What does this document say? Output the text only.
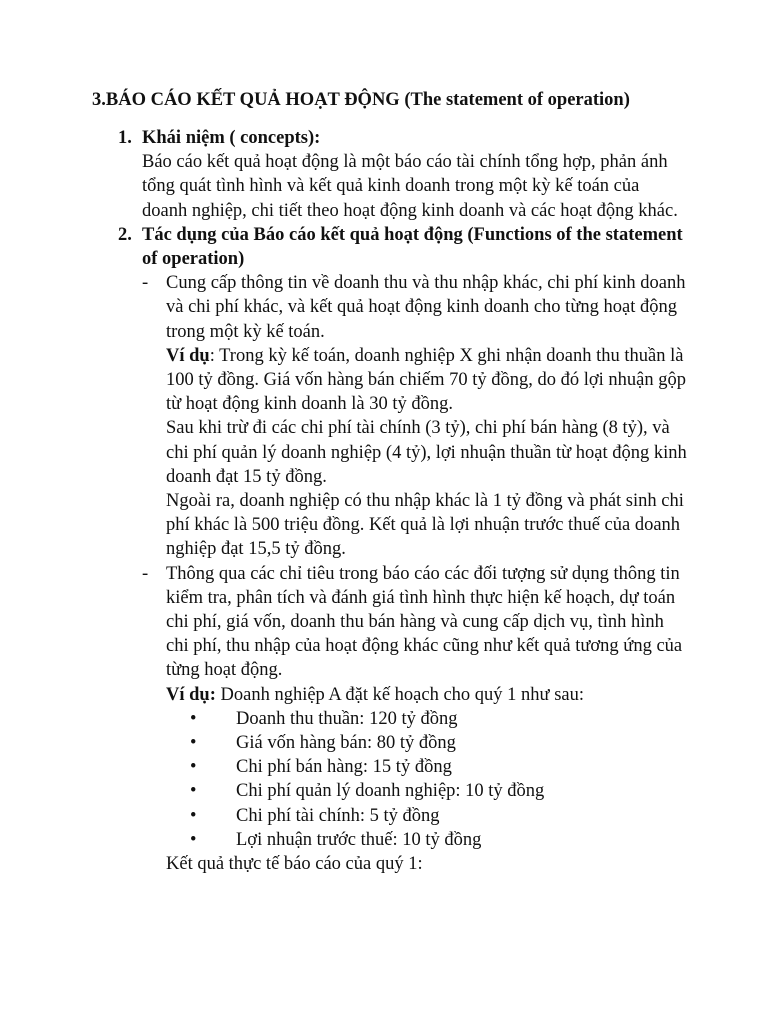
3.BÁO CÁO KẾT QUẢ HOẠT ĐỘNG (The statement of operation)
1. Khái niệm ( concepts):

Báo cáo kết quả hoạt động là một báo cáo tài chính tổng hợp, phản ánh tổng quát tình hình và kết quả kinh doanh trong một kỳ kế toán của doanh nghiệp, chi tiết theo hoạt động kinh doanh và các hoạt động khác.

2. Tác dụng của Báo cáo kết quả hoạt động (Functions of the statement of operation)
- Cung cấp thông tin về doanh thu và thu nhập khác, chi phí kinh doanh và chi phí khác, và kết quả hoạt động kinh doanh cho từng hoạt động trong một kỳ kế toán.

Ví dụ: Trong kỳ kế toán, doanh nghiệp X ghi nhận doanh thu thuần là 100 tỷ đồng. Giá vốn hàng bán chiếm 70 tỷ đồng, do đó lợi nhuận gộp từ hoạt động kinh doanh là 30 tỷ đồng.

Sau khi trừ đi các chi phí tài chính (3 tỷ), chi phí bán hàng (8 tỷ), và chi phí quản lý doanh nghiệp (4 tỷ), lợi nhuận thuần từ hoạt động kinh doanh đạt 15 tỷ đồng.

Ngoài ra, doanh nghiệp có thu nhập khác là 1 tỷ đồng và phát sinh chi phí khác là 500 triệu đồng. Kết quả là lợi nhuận trước thuế của doanh nghiệp đạt 15,5 tỷ đồng.

- Thông qua các chỉ tiêu trong báo cáo các đối tượng sử dụng thông tin kiểm tra, phân tích và đánh giá tình hình thực hiện kế hoạch, dự toán chi phí, giá vốn, doanh thu bán hàng và cung cấp dịch vụ, tình hình chi phí, thu nhập của hoạt động khác cũng như kết quả tương ứng của từng hoạt động.

Ví dụ: Doanh nghiệp A đặt kế hoạch cho quý 1 như sau:

•	Doanh thu thuần: 120 tỷ đồng
•	Giá vốn hàng bán: 80 tỷ đồng
•	Chi phí bán hàng: 15 tỷ đồng
•	Chi phí quản lý doanh nghiệp: 10 tỷ đồng
•	Chi phí tài chính: 5 tỷ đồng
•	Lợi nhuận trước thuế: 10 tỷ đồng

Kết quả thực tế báo cáo của quý 1:
